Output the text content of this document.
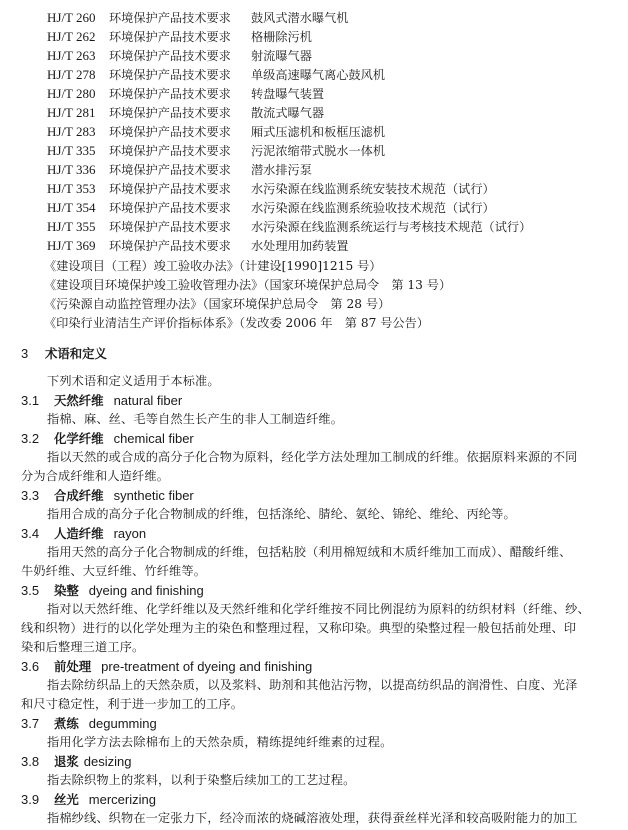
HJ/T 260 环境保护产品技术要求 鼓风式潜水曝气机
HJ/T 262 环境保护产品技术要求 格栅除污机
HJ/T 263 环境保护产品技术要求 射流曝气器
HJ/T 278 环境保护产品技术要求 单级高速曝气离心鼓风机
HJ/T 280 环境保护产品技术要求 转盘曝气装置
HJ/T 281 环境保护产品技术要求 散流式曝气器
HJ/T 283 环境保护产品技术要求 厢式压滤机和板框压滤机
HJ/T 335 环境保护产品技术要求 污泥浓缩带式脱水一体机
HJ/T 336 环境保护产品技术要求 潜水排污泵
HJ/T 353 环境保护产品技术要求 水污染源在线监测系统安装技术规范（试行）
HJ/T 354 环境保护产品技术要求 水污染源在线监测系统验收技术规范（试行）
HJ/T 355 环境保护产品技术要求 水污染源在线监测系统运行与考核技术规范（试行）
HJ/T 369 环境保护产品技术要求 水处理用加药装置
《建设项目（工程）竣工验收办法》（计建设[1990]1215 号）
《建设项目环境保护竣工验收管理办法》（国家环境保护总局令　第 13 号）
《污染源自动监控管理办法》（国家环境保护总局令　第 28 号）
《印染行业清洁生产评价指标体系》（发改委 2006 年　第 87 号公告）
3 术语和定义
下列术语和定义适用于本标准。
3.1 天然纤维 natural fiber
指棉、麻、丝、毛等自然生长产生的非人工制造纤维。
3.2 化学纤维 chemical fiber
指以天然的或合成的高分子化合物为原料，经化学方法处理加工制成的纤维。依据原料来源的不同
分为合成纤维和人造纤维。
3.3 合成纤维 synthetic fiber
指用合成的高分子化合物制成的纤维，包括涤纶、腈纶、氨纶、锦纶、维纶、丙纶等。
3.4 人造纤维 rayon
指用天然的高分子化合物制成的纤维，包括粘胶（利用棉短绒和木质纤维加工而成）、醋酸纤维、
牛奶纤维、大豆纤维、竹纤维等。
3.5 染整 dyeing and finishing
指对以天然纤维、化学纤维以及天然纤维和化学纤维按不同比例混纺为原料的纺织材料（纤维、纱、
线和织物）进行的以化学处理为主的染色和整理过程，又称印染。典型的染整过程一般包括前处理、印
染和后整理三道工序。
3.6 前处理 pre-treatment of dyeing and finishing
指去除纺织品上的天然杂质，以及浆料、助剂和其他沾污物，以提高纺织品的润滑性、白度、光泽
和尺寸稳定性，利于进一步加工的工序。
3.7 煮练 degumming
指用化学方法去除棉布上的天然杂质，精练提纯纤维素的过程。
3.8 退浆 desizing
指去除织物上的浆料，以利于染整后续加工的工艺过程。
3.9 丝光 mercerizing
指棉纱线、织物在一定张力下，经冷而浓的烧碱溶液处理，获得蚕丝样光泽和较高吸附能力的加工
